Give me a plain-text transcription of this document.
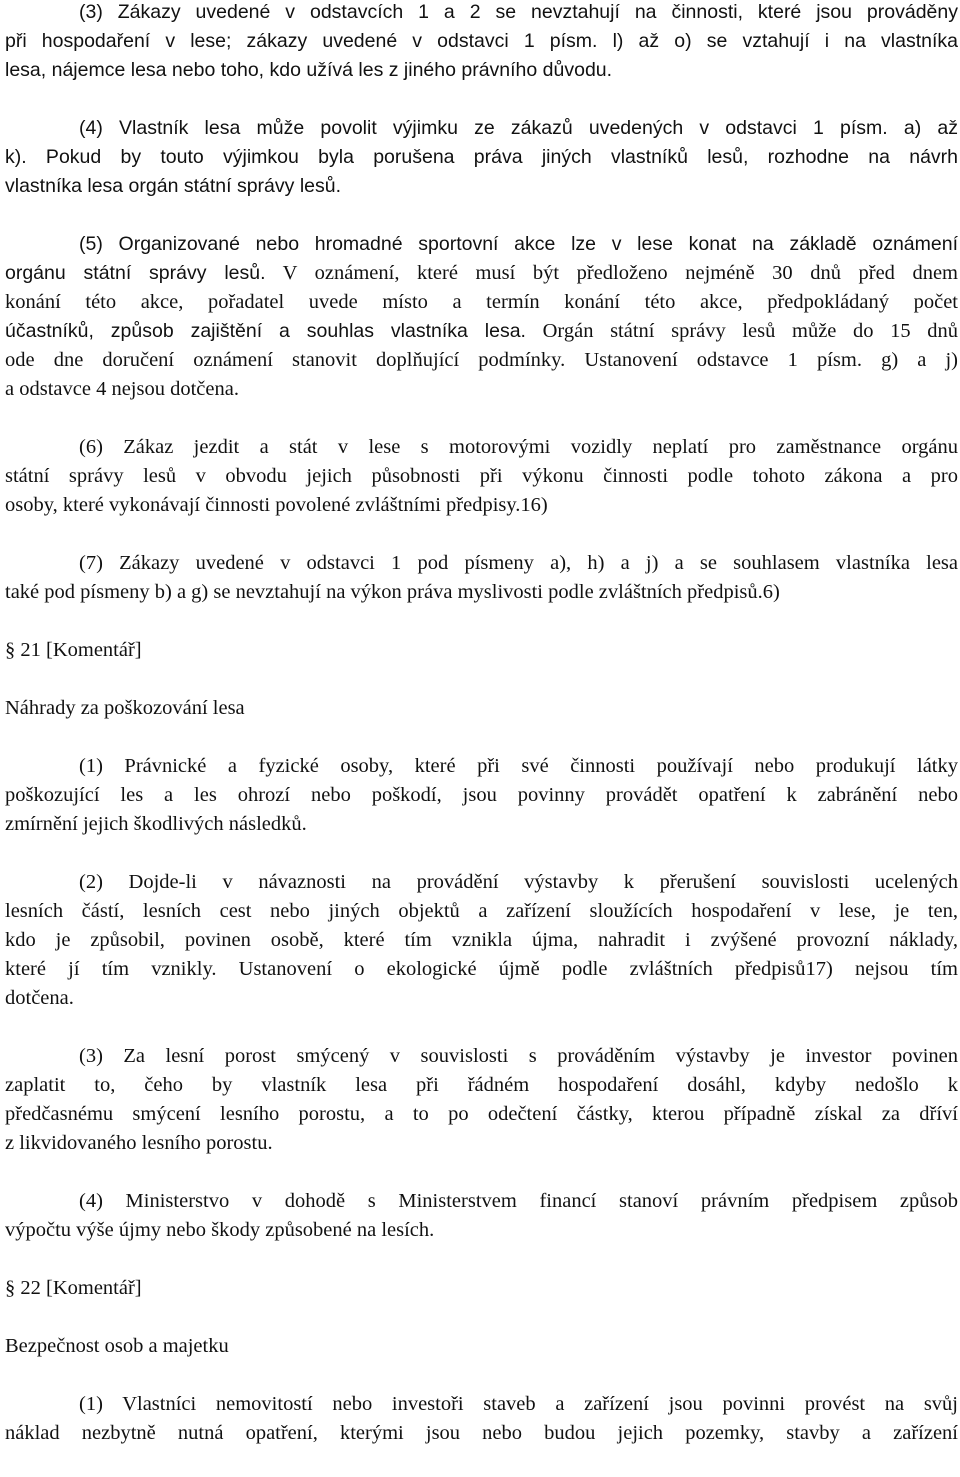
(3) Zákazy uvedené v odstavcích 1 a 2 se nevztahují na činnosti, které jsou prováděny
při hospodaření v lese; zákazy uvedené v odstavci 1 písm. l) až o) se vztahují i na vlastníka
lesa, nájemce lesa nebo toho, kdo užívá les z jiného právního důvodu.
(4) Vlastník lesa může povolit výjimku ze zákazů uvedených v odstavci 1 písm. a) až
k). Pokud by touto výjimkou byla porušena práva jiných vlastníků lesů, rozhodne na návrh
vlastníka lesa orgán státní správy lesů.
(5) Organizované nebo hromadné sportovní akce lze v lese konat na základě oznámení
orgánu státní správy lesů. V oznámení, které musí být předloženo nejméně 30 dnů před dnem
konání této akce, pořadatel uvede místo a termín konání této akce, předpokládaný počet
účastníků, způsob zajištění a souhlas vlastníka lesa. Orgán státní správy lesů může do 15 dnů
ode dne doručení oznámení stanovit doplňující podmínky. Ustanovení odstavce 1 písm. g) a j)
a odstavce 4 nejsou dotčena.
(6) Zákaz jezdit a stát v lese s motorovými vozidly neplatí pro zaměstnance orgánu
státní správy lesů v obvodu jejich působnosti při výkonu činnosti podle tohoto zákona a pro
osoby, které vykonávají činnosti povolené zvláštními předpisy.16)
(7) Zákazy uvedené v odstavci 1 pod písmeny a), h) a j) a se souhlasem vlastníka lesa
také pod písmeny b) a g) se nevztahují na výkon práva myslivosti podle zvláštních předpisů.6)
§ 21 [Komentář]
Náhrady za poškozování lesa
(1) Právnické a fyzické osoby, které při své činnosti používají nebo produkují látky
poškozující les a les ohrozí nebo poškodí, jsou povinny provádět opatření k zabránění nebo
zmírnění jejich škodlivých následků.
(2) Dojde-li v návaznosti na provádění výstavby k přerušení souvislosti ucelených
lesních částí, lesních cest nebo jiných objektů a zařízení sloužících hospodaření v lese, je ten,
kdo je způsobil, povinen osobě, které tím vznikla újma, nahradit i zvýšené provozní náklady,
které jí tím vznikly. Ustanovení o ekologické újmě podle zvláštních předpisů17) nejsou tím
dotčena.
(3) Za lesní porost smýcený v souvislosti s prováděním výstavby je investor povinen
zaplatit to, čeho by vlastník lesa při řádném hospodaření dosáhl, kdyby nedošlo k
předčasnému smýcení lesního porostu, a to po odečtení částky, kterou případně získal za dříví
z likvidovaného lesního porostu.
(4) Ministerstvo v dohodě s Ministerstvem financí stanoví právním předpisem způsob
výpočtu výše újmy nebo škody způsobené na lesích.
§ 22 [Komentář]
Bezpečnost osob a majetku
(1) Vlastníci nemovitostí nebo investoři staveb a zařízení jsou povinni provést na svůj
náklad nezbytně nutná opatření, kterými jsou nebo budou jejich pozemky, stavby a zařízení
